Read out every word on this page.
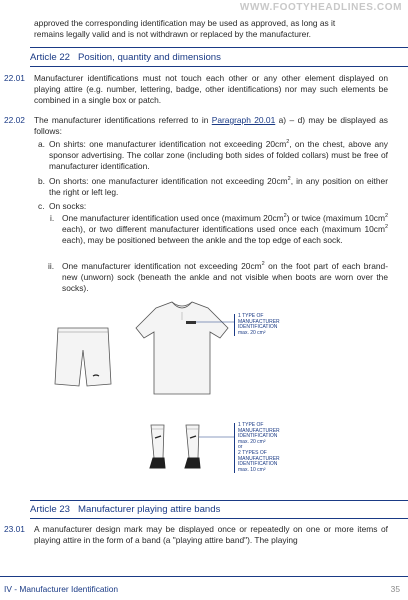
WWW.FOOTYHEADLINES.COM

approved the corresponding identification may be used as approved, as long as it

remains legally valid and is not withdrawn or replaced by the manufacturer.

Article 22   Position, quantity and dimensions
22.01 Manufacturer identifications must not touch each other or any other element displayed on playing attire (e.g. number, lettering, badge, other identifications) nor may such elements be combined in a single box or patch.

22.02 The manufacturer identifications referred to in Paragraph 20.01 a) – d) may be displayed as follows:

a. On shirts: one manufacturer identification not exceeding $20cm^2$, on the chest, above any sponsor advertising. The collar zone (including both sides of folded collars) must be free of manufacturer identification.

b. On shorts: one manufacturer identification not exceeding $20cm^2$, in any position on either the right or left leg.

c. On socks:

i. One manufacturer identification used once (maximum $20cm^2$) or twice (maximum $10cm^2$ each), or two different manufacturer identifications used once each (maximum $10cm^2$ each), may be positioned between the ankle and the top edge of each sock.

ii. One manufacturer identification not exceeding $20cm^2$ on the foot part of each brand-new (unworn) sock (beneath the ankle and not visible when boots are worn over the socks).

1 TYPE OF
MANUFACTURER
IDENTIFICATION
max. 20 cm²
1 TYPE OF
MANUFACTURER
IDENTIFICATION
max. 20 cm²
or
2 TYPES OF
MANUFACTURER
IDENTIFICATION
max. 10 cm²
Article 23   Manufacturer playing attire bands
23.01 A manufacturer design mark may be displayed once or repeatedly on one or more items of playing attire in the form of a band (a "playing attire band"). The playing

IV - Manufacturer Identification	35
